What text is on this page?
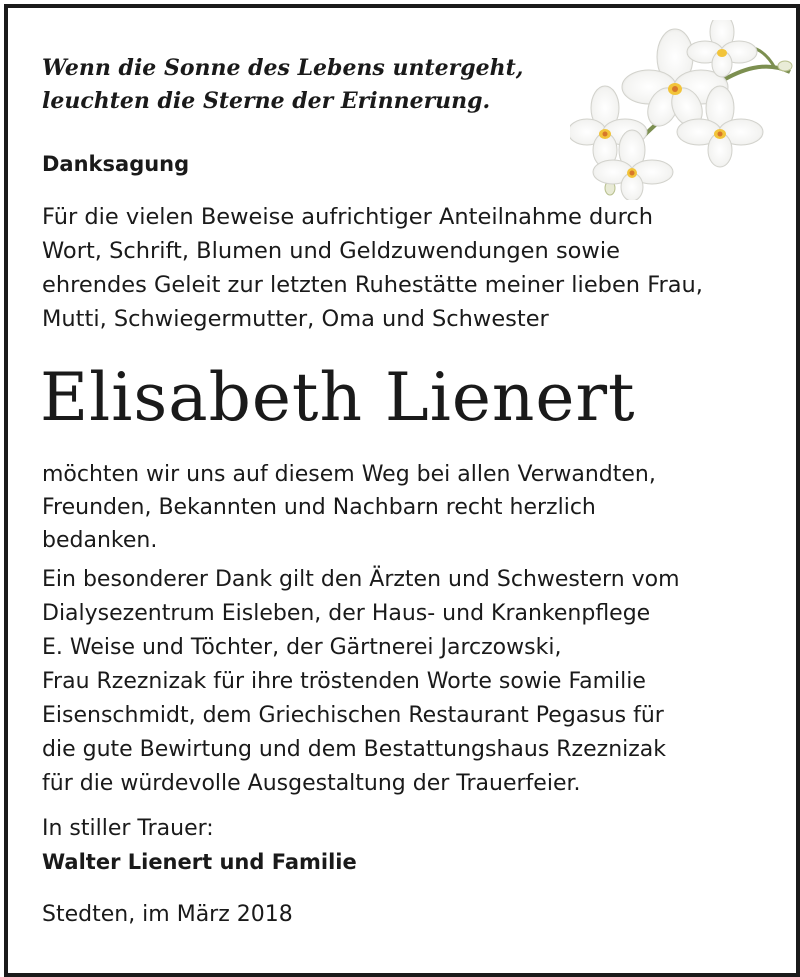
Wenn die Sonne des Lebens untergeht,
leuchten die Sterne der Erinnerung.
Danksagung
Für die vielen Beweise aufrichtiger Anteilnahme durch
Wort, Schrift, Blumen und Geldzuwendungen sowie
ehrendes Geleit zur letzten Ruhestätte meiner lieben Frau,
Mutti, Schwiegermutter, Oma und Schwester
Elisabeth Lienert
möchten wir uns auf diesem Weg bei allen Verwandten,
Freunden, Bekannten und Nachbarn recht herzlich
bedanken.
Ein besonderer Dank gilt den Ärzten und Schwestern vom
Dialysezentrum Eisleben, der Haus- und Krankenpflege
E. Weise und Töchter, der Gärtnerei Jarczowski,
Frau Rzeznizak für ihre tröstenden Worte sowie Familie
Eisenschmidt, dem Griechischen Restaurant Pegasus für
die gute Bewirtung und dem Bestattungshaus Rzeznizak
für die würdevolle Ausgestaltung der Trauerfeier.
In stiller Trauer:
Walter Lienert und Familie
Stedten, im März 2018
